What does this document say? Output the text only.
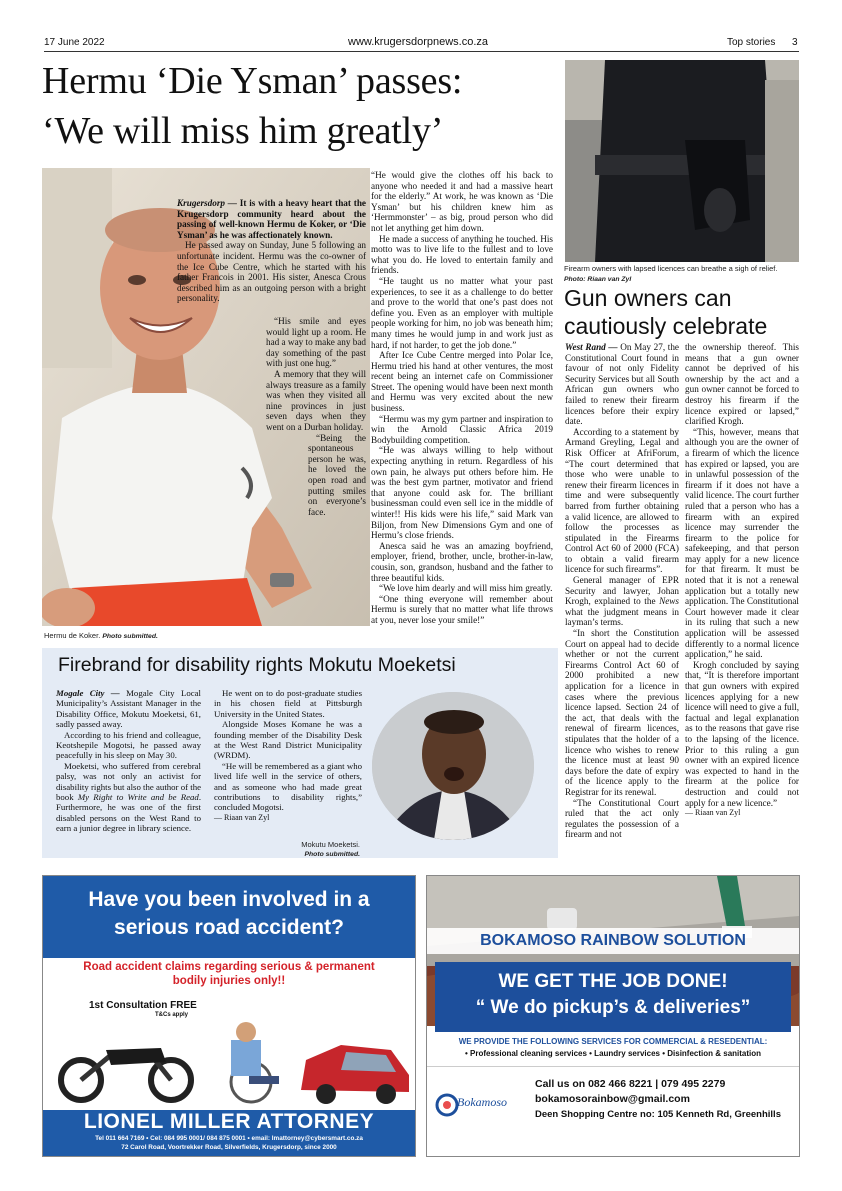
17 June 2022	www.krugersdorpnews.co.za	Top stories 3
Hermu ‘Die Ysman’ passes:
‘We will miss him greatly’

Krugersdorp — It is with a heavy heart that the Krugersdorp community heard about the passing of well-known Hermu de Koker, or ‘Die Ysman’ as he was affectionately known.

He passed away on Sunday, June 5 following an unfortunate incident. Hermu was the co-owner of the Ice Cube Centre, which he started with his father Francois in 2001. His sister, Anesca Crous described him as an outgoing person with a bright personality.

“His smile and eyes would light up a room. He had a way to make any bad day something of the past with just one hug.”

A memory that they will always treasure as a family was when they visited all nine provinces in just seven days when they went on a Durban holiday.

“Being the spontaneous person he was, he loved the open road and putting smiles on everyone’s face.

Hermu de Koker. Photo submitted.

“He would give the clothes off his back to anyone who needed it and had a massive heart for the elderly.” At work, he was known as ‘Die Ysman’ but his children knew him as ‘Hermmonster’ – as big, proud person who did not let anything get him down.

He made a success of anything he touched. His motto was to live life to the fullest and to love what you do. He loved to entertain family and friends.

“He taught us no matter what your past experiences, to see it as a challenge to do better and prove to the world that one’s past does not define you. Even as an employer with multiple people working for him, no job was beneath him; many times he would jump in and work just as hard, if not harder, to get the job done.”

After Ice Cube Centre merged into Polar Ice, Hermu tried his hand at other ventures, the most recent being an internet cafe on Commissioner Street. The opening would have been next month and Hermu was very excited about the new business.

“Hermu was my gym partner and inspiration to win the Arnold Classic Africa 2019 Bodybuilding competition.

“He was always willing to help without expecting anything in return. Regardless of his own pain, he always put others before him. He was the best gym partner, motivator and friend that anyone could ask for. The brilliant businessman could even sell ice in the middle of winter!! His kids were his life,” said Mark van Biljon, from New Dimensions Gym and one of Hermu’s close friends.

Anesca said he was an amazing boyfriend, employer, friend, brother, uncle, brother-in-law, cousin, son, grandson, husband and the father to three beautiful kids.

“We love him dearly and will miss him greatly.

“One thing everyone will remember about Hermu is surely that no matter what life throws at you, never lose your smile!”

Firearm owners with lapsed licences can breathe a sigh of relief. Photo: Riaan van Zyl
Gun owners can
cautiously celebrate

West Rand — On May 27, the Constitutional Court found in favour of not only Fidelity Security Services but all South African gun owners who failed to renew their firearm licences before their expiry date.

According to a statement by Armand Greyling, Legal and Risk Officer at AfriForum, “The court determined that those who were unable to renew their firearm licences in time and were subsequently barred from further obtaining a valid licence, are allowed to follow the processes as stipulated in the Firearms Control Act 60 of 2000 (FCA) to obtain a valid firearm licence for such firearms”.

General manager of EPR Security and lawyer, Johan Krogh, explained to the News what the judgment means in layman’s terms.

“In short the Constitution Court on appeal had to decide whether or not the current Firearms Control Act 60 of 2000 prohibited a new application for a licence in cases where the previous licence lapsed. Section 24 of the act, that deals with the renewal of firearm licences, stipulates that the holder of a licence who wishes to renew the licence must at least 90 days before the date of expiry of the licence apply to the Registrar for its renewal.

“The Constitutional Court ruled that the act only regulates the possession of a firearm and not

the ownership thereof. This means that a gun owner cannot be deprived of his ownership by the act and a gun owner cannot be forced to destroy his firearm if the licence expired or lapsed,” clarified Krogh.

“This, however, means that although you are the owner of a firearm of which the licence has expired or lapsed, you are in unlawful possession of the firearm if it does not have a valid licence. The court further ruled that a person who has a firearm with an expired licence may surrender the firearm to the police for safekeeping, and that person may apply for a new licence for that firearm. It must be noted that it is not a renewal application but a totally new application. The Constitutional Court however made it clear in its ruling that such a new application will be assessed differently to a normal licence application,” he said.

Krogh concluded by saying that, “It is therefore important that gun owners with expired licences applying for a new licence will need to give a full, factual and legal explanation as to the reasons that gave rise to the lapsing of the licence. Prior to this ruling a gun owner with an expired licence was expected to hand in the firearm at the police for destruction and could not apply for a new licence.”

— Riaan van Zyl

Firebrand for disability rights Mokutu Moeketsi

Mogale City — Mogale City Local Municipality’s Assistant Manager in the Disability Office, Mokutu Moeketsi, 61, sadly passed away.

According to his friend and colleague, Keotshepile Mogotsi, he passed away peacefully in his sleep on May 30.

Moeketsi, who suffered from cerebral palsy, was not only an activist for disability rights but also the author of the book My Right to Write and be Read. Furthermore, he was one of the first disabled persons on the West Rand to earn a junior degree in library science.

He went on to do post-graduate studies in his chosen field at Pittsburgh University in the United States.

Alongside Moses Komane he was a founding member of the Disability Desk at the West Rand District Municipality (WRDM).

“He will be remembered as a giant who lived life well in the service of others, and as someone who had made great contributions to disability rights,” concluded Mogotsi.

— Riaan van Zyl

Mokutu Moeketsi.
Photo submitted.
Have you been involved in a
serious road accident?
Road accident claims regarding serious & permanent
bodily injuries only!!
1st Consultation FREE
T&Cs apply
LIONEL MILLER ATTORNEY
Tel 011 664 7169 • Cel: 084 995 0001/ 084 875 0001 • email: lmattorney@cybersmart.co.za
72 Carol Road, Voortrekker Road, Silverfields, Krugersdorp, since 2000
BOKAMOSO RAINBOW SOLUTION
WE GET THE JOB DONE!
“ We do pickup’s & deliveries”
WE PROVIDE THE FOLLOWING SERVICES FOR COMMERCIAL & RESEDENTIAL:
• Professional cleaning services • Laundry services • Disinfection & sanitation
Bokamoso
Call us on 082 466 8221 | 079 495 2279
bokamosorainbow@gmail.com
Deen Shopping Centre no: 105 Kenneth Rd, Greenhills
